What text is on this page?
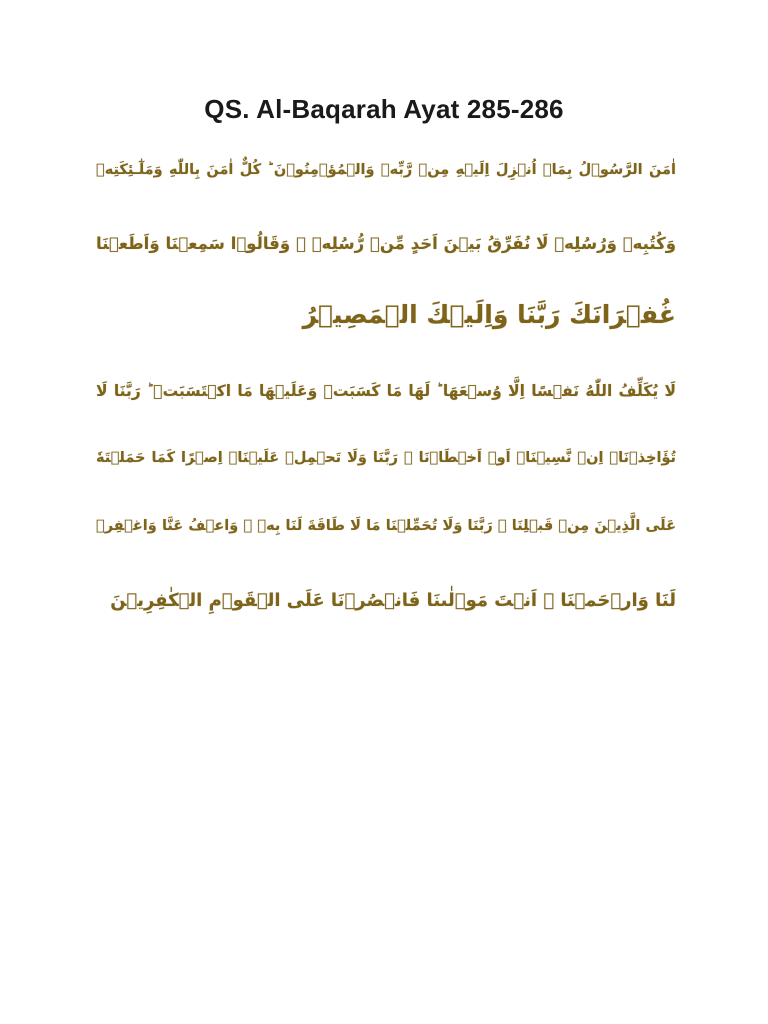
QS. Al-Baqarah Ayat 285-286
اٰمَنَ الرَّسُوۡلُ بِمَاۤ اُنۡزِلَ اِلَيۡهِ مِنۡ رَّبِّهٖ وَالۡمُؤۡمِنُوۡنَ ؕ كُلٌّ اٰمَنَ بِاللّٰهِ وَمَلٰٓـئِكَتِهٖ
وَكُتُبِهٖ وَرُسُلِهٖ لَا نُفَرِّقُ بَيۡنَ اَحَدٍ مِّنۡ رُّسُلِهٖ ۚ وَقَالُوۡا سَمِعۡنَا وَاَطَعۡنَا
غُفۡرَانَكَ رَبَّنَا وَاِلَيۡكَ الۡمَصِيۡرُ
لَا يُكَلِّفُ اللّٰهُ نَفۡسًا اِلَّا وُسۡعَهَا ؕ لَهَا مَا كَسَبَتۡ وَعَلَيۡهَا مَا اكۡتَسَبَتۡ ؕ رَبَّنَا لَا
تُؤَاخِذۡنَاۤ اِنۡ نَّسِيۡنَاۤ اَوۡ اَخۡطَاۡنَا ۚ رَبَّنَا وَلَا تَحۡمِلۡ عَلَيۡنَاۤ اِصۡرًا كَمَا حَمَلۡتَهٗ
عَلَى الَّذِيۡنَ مِنۡ قَبۡلِنَا ۚ رَبَّنَا وَلَا تُحَمِّلۡنَا مَا لَا طَاقَةَ لَنَا بِهٖ ۚ وَاعۡفُ عَنَّا وَاغۡفِرۡ
لَنَا وَارۡحَمۡنَا ۚ اَنۡتَ مَوۡلٰٮنَا فَانۡصُرۡنَا عَلَى الۡقَوۡمِ الۡكٰفِرِيۡنَ
